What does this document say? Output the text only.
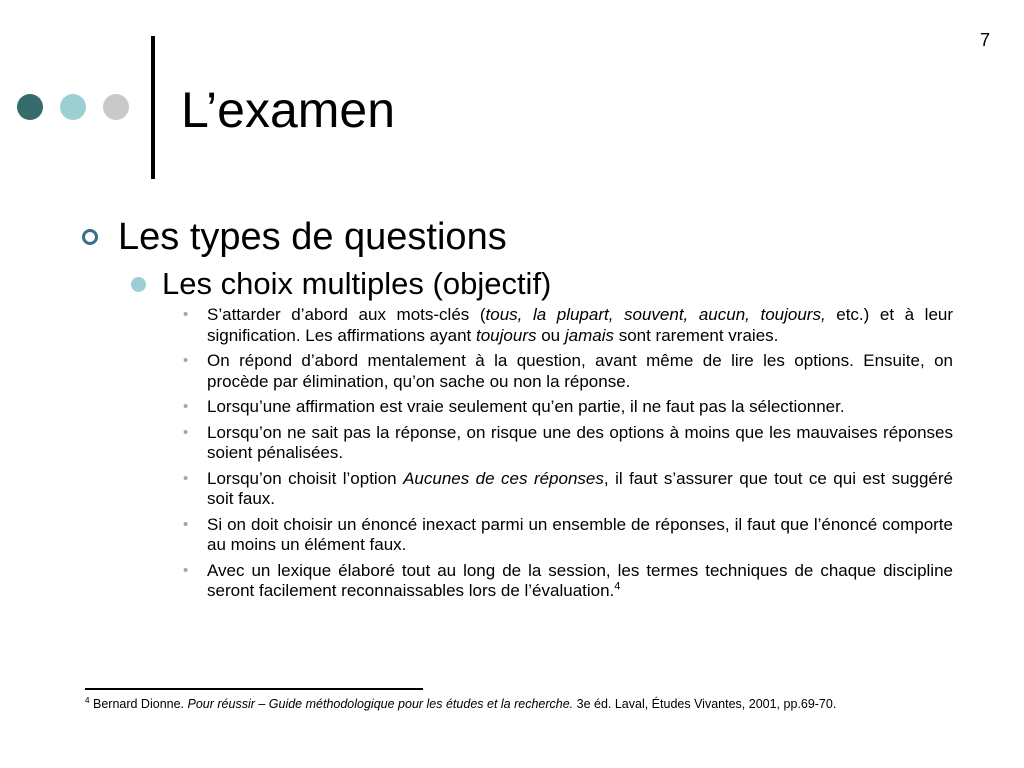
7
L’examen
Les types de questions
Les choix multiples (objectif)
• S’attarder d’abord aux mots-clés (tous, la plupart, souvent, aucun, toujours, etc.) et à leur signification. Les affirmations ayant toujours ou jamais sont rarement vraies.
• On répond d’abord mentalement à la question, avant même de lire les options. Ensuite, on procède par élimination, qu’on sache ou non la réponse.
• Lorsqu’une affirmation est vraie seulement qu’en partie, il ne faut pas la sélectionner.
• Lorsqu’on ne sait pas la réponse, on risque une des options à moins que les mauvaises réponses soient pénalisées.
• Lorsqu’on choisit l’option Aucunes de ces réponses, il faut s’assurer que tout ce qui est suggéré soit faux.
• Si on doit choisir un énoncé inexact parmi un ensemble de réponses, il faut que l’énoncé comporte au moins un élément faux.
• Avec un lexique élaboré tout au long de la session, les termes techniques de chaque discipline seront facilement reconnaissables lors de l’évaluation.$^4$
$^4$ Bernard Dionne. Pour réussir – Guide méthodologique pour les études et la recherche. 3e éd. Laval, Études Vivantes, 2001, pp.69-70.
